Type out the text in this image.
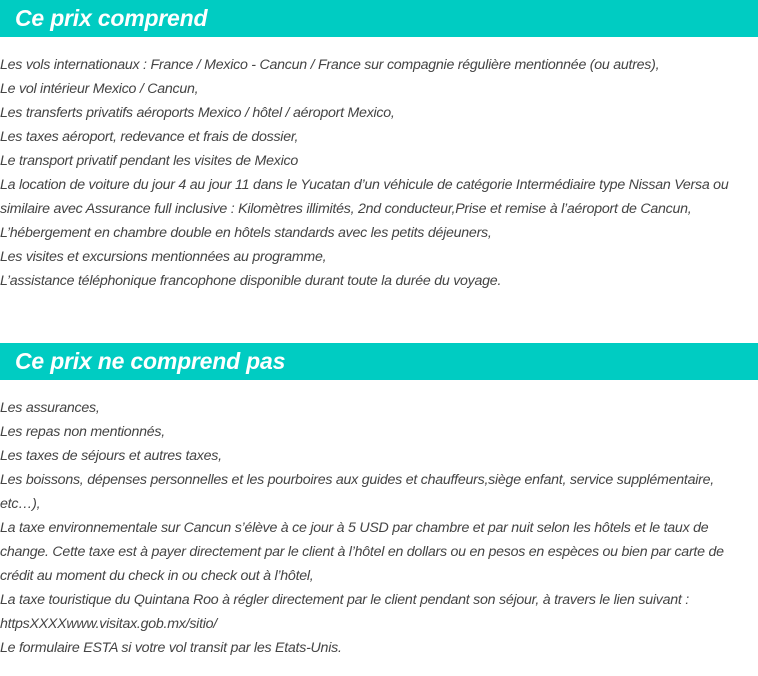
Ce prix comprend
Les vols internationaux : France / Mexico - Cancun / France sur compagnie régulière mentionnée (ou autres),
Le vol intérieur Mexico / Cancun,
Les transferts privatifs aéroports Mexico / hôtel / aéroport Mexico,
Les taxes aéroport, redevance et frais de dossier,
Le transport privatif pendant les visites de Mexico
La location de voiture du jour 4 au jour 11 dans le Yucatan d’un véhicule de catégorie Intermédiaire type Nissan Versa ou similaire avec Assurance full inclusive : Kilomètres illimités, 2nd conducteur,Prise et remise à l’aéroport de Cancun,
L’hébergement en chambre double en hôtels standards avec les petits déjeuners,
Les visites et excursions mentionnées au programme,
L’assistance téléphonique francophone disponible durant toute la durée du voyage.
Ce prix ne comprend pas
Les assurances,
Les repas non mentionnés,
Les taxes de séjours et autres taxes,
Les boissons, dépenses personnelles et les pourboires aux guides et chauffeurs,siège enfant, service supplémentaire, etc…),
La taxe environnementale sur Cancun s’élève à ce jour à 5 USD par chambre et par nuit selon les hôtels et le taux de change. Cette taxe est à payer directement par le client à l’hôtel en dollars ou en pesos en espèces ou bien par carte de crédit au moment du check in ou check out à l’hôtel,
La taxe touristique du Quintana Roo à régler directement par le client pendant son séjour, à travers le lien suivant : httpsXXXXwww.visitax.gob.mx/sitio/
Le formulaire ESTA si votre vol transit par les Etats-Unis.
